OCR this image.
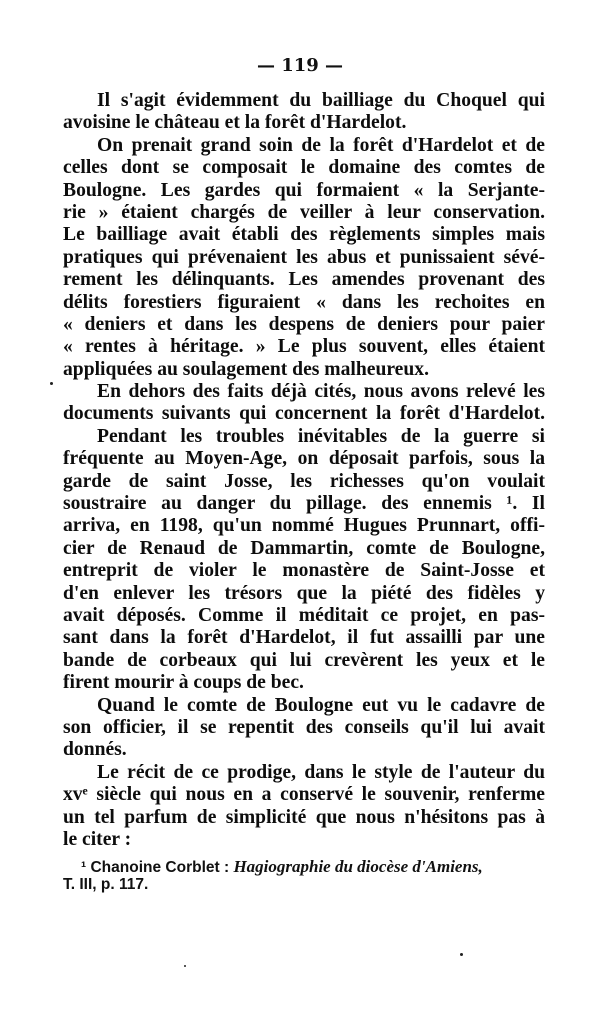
— 119 —
Il s'agit évidemment du bailliage du Choquel qui
avoisine le château et la forêt d'Hardelot.
On prenait grand soin de la forêt d'Hardelot et de
celles dont se composait le domaine des comtes de
Boulogne. Les gardes qui formaient « la Serjante-
rie » étaient chargés de veiller à leur conservation.
Le bailliage avait établi des règlements simples mais
pratiques qui prévenaient les abus et punissaient sévé-
rement les délinquants. Les amendes provenant des
délits forestiers figuraient « dans les rechoites en
« deniers et dans les despens de deniers pour paier
« rentes à héritage. » Le plus souvent, elles étaient
appliquées au soulagement des malheureux.
En dehors des faits déjà cités, nous avons relevé les
documents suivants qui concernent la forêt d'Hardelot.
Pendant les troubles inévitables de la guerre si
fréquente au Moyen-Age, on déposait parfois, sous la
garde de saint Josse, les richesses qu'on voulait
soustraire au danger du pillage. des ennemis ¹. Il
arriva, en 1198, qu'un nommé Hugues Prunnart, offi-
cier de Renaud de Dammartin, comte de Boulogne,
entreprit de violer le monastère de Saint-Josse et
d'en enlever les trésors que la piété des fidèles y
avait déposés. Comme il méditait ce projet, en pas-
sant dans la forêt d'Hardelot, il fut assailli par une
bande de corbeaux qui lui crevèrent les yeux et le
firent mourir à coups de bec.
Quand le comte de Boulogne eut vu le cadavre de
son officier, il se repentit des conseils qu'il lui avait
donnés.
Le récit de ce prodige, dans le style de l'auteur du
xvᵉ siècle qui nous en a conservé le souvenir, renferme
un tel parfum de simplicité que nous n'hésitons pas à
le citer :
¹ Chanoine Corblet : Hagiographie du diocèse d'Amiens,
T. III, p. 117.
